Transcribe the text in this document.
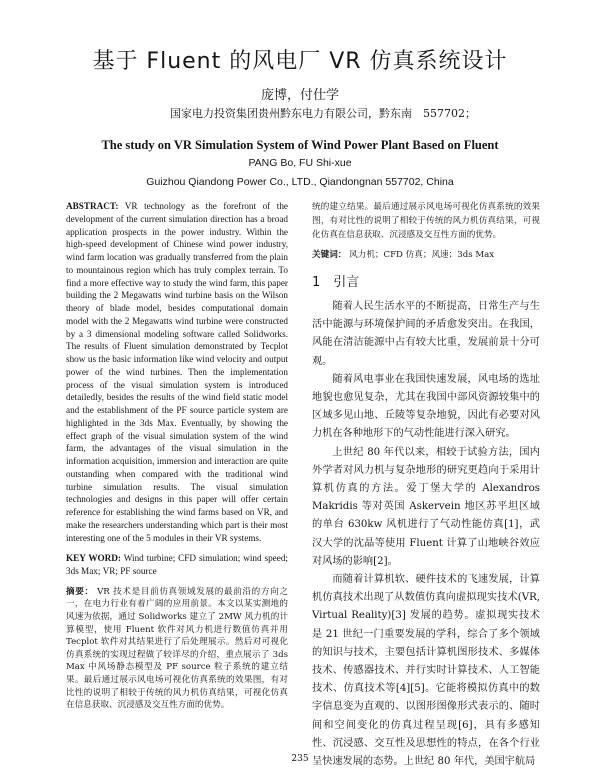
基于 Fluent 的风电厂 VR 仿真系统设计
庞博，付仕学
国家电力投资集团贵州黔东电力有限公司，黔东南　557702；
The study on VR Simulation System of Wind Power Plant Based on Fluent
PANG Bo, FU Shi-xue
Guizhou Qiandong Power Co., LTD., Qiandongnan 557702, China

ABSTRACT: VR technology as the forefront of the development of the current simulation direction has a broad application prospects in the power industry. Within the high-speed development of Chinese wind power industry, wind farm location was gradually transferred from the plain to mountainous region which has truly complex terrain. To find a more effective way to study the wind farm, this paper building the 2 Megawatts wind turbine basis on the Wilson theory of blade model, besides computational domain model with the 2 Megawatts wind turbine were constructed by a 3 dimensional modeling software called Solidworks. The results of Fluent simulation demonstrated by Tecplot show us the basic information like wind velocity and output power of the wind turbines. Then the implementation process of the visual simulation system is introduced detailedly, besides the results of the wind field static model and the establishment of the PF source particle system are highlighted in the 3ds Max. Eventually, by showing the effect graph of the visual simulation system of the wind farm, the advantages of the visual simulation in the information acquisition, immersion and interaction are quite outstanding when compared with the traditional wind turbine simulation results. The visual simulation technologies and designs in this paper will offer certain reference for establishing the wind farms based on VR, and make the researchers understanding which part is their most interesting one of the 5 modules in their VR systems.

KEY WORD: Wind turbine; CFD simulation; wind speed; 3ds Max; VR; PF source

摘要： VR 技术是目前仿真领域发展的最前沿的方向之一，在电力行业有着广阔的应用前景。本文以某实测地的风速为依据，通过 Solidworks 建立了 2MW 风力机的计算模型，使用 Fluent 软件对风力机进行数值仿真并用 Tecplot 软件对其结果进行了后处理展示。然后对可视化仿真系统的实现过程做了较详尽的介绍，重点展示了 3ds Max 中风场静态模型及 PF source 粒子系统的建立结果。最后通过展示风电场可视化仿真系统的效果图，有对比性的说明了相较于传统的风力机仿真结果，可视化仿真在信息获取、沉浸感及交互性方面的优势。

统的建立结果。最后通过展示风电场可视化仿真系统的效果图，有对比性的说明了相较于传统的风力机仿真结果，可视化仿真在信息获取、沉浸感及交互性方面的优势。

关键词： 风力机；CFD 仿真；风速；3ds Max

1　引言

随着人民生活水平的不断提高，日常生产与生活中能源与环境保护间的矛盾愈发突出。在我国，风能在清洁能源中占有较大比重，发展前景十分可观。

随着风电事业在我国快速发展，风电场的选址地貌也愈见复杂，尤其在我国中部风资源较集中的区域多见山地、丘陵等复杂地貌，因此有必要对风力机在各种地形下的气动性能进行深入研究。

上世纪 80 年代以来，相较于试验方法，国内外学者对风力机与复杂地形的研究更趋向于采用计算机仿真的方法。爱丁堡大学的 Alexandros Makridis 等对英国 Askervein 地区苏平坦区域的单台 630kw 风机进行了气动性能仿真[1]，武汉大学的沈晶等使用 Fluent 计算了山地峡谷效应对风场的影响[2]。

而随着计算机软、硬件技术的飞速发展，计算机仿真技术出现了从数值仿真向虚拟现实技术(VR, Virtual Reality)[3] 发展的趋势。虚拟现实技术是 21 世纪一门重要发展的学科，综合了多个领域的知识与技术，主要包括计算机图形技术、多媒体技术、传感器技术、并行实时计算技术、人工智能技术、仿真技术等[4][5]。它能将模拟仿真中的数字信息变为直观的、以图形图像形式表示的、随时间和空间变化的仿真过程呈现[6]，具有多感知性、沉浸感、交互性及思想性的特点，在各个行业呈快速发展的态势。上世纪 80 年代，美国宇航局

235
